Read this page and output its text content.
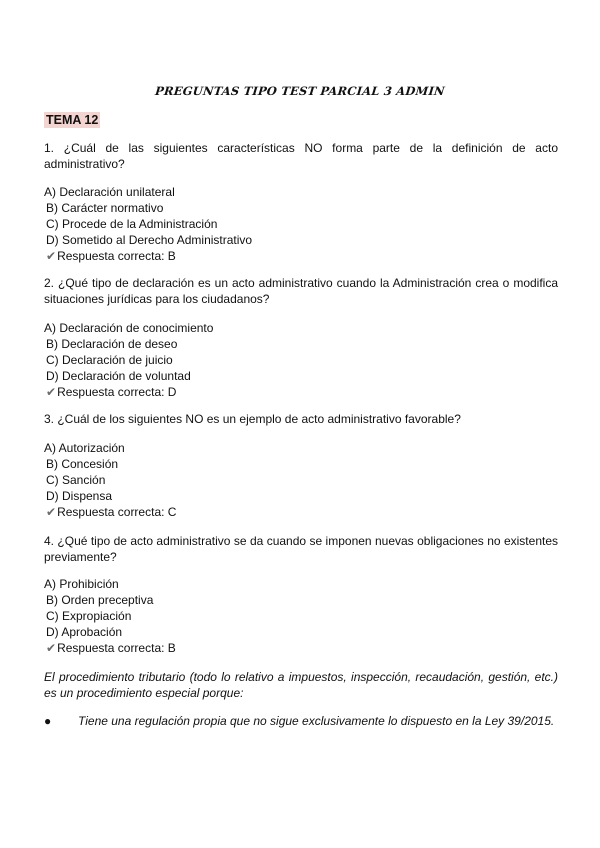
PREGUNTAS TIPO TEST PARCIAL 3 ADMIN
TEMA 12
1. ¿Cuál de las siguientes características NO forma parte de la definición de acto administrativo?
A) Declaración unilateral
B) Carácter normativo
C) Procede de la Administración
D) Sometido al Derecho Administrativo
✔Respuesta correcta: B
2. ¿Qué tipo de declaración es un acto administrativo cuando la Administración crea o modifica situaciones jurídicas para los ciudadanos?
A) Declaración de conocimiento
B) Declaración de deseo
C) Declaración de juicio
D) Declaración de voluntad
✔Respuesta correcta: D
3. ¿Cuál de los siguientes NO es un ejemplo de acto administrativo favorable?
A) Autorización
B) Concesión
C) Sanción
D) Dispensa
✔Respuesta correcta: C
4. ¿Qué tipo de acto administrativo se da cuando se imponen nuevas obligaciones no existentes previamente?
A) Prohibición
B) Orden preceptiva
C) Expropiación
D) Aprobación
✔Respuesta correcta: B
El procedimiento tributario (todo lo relativo a impuestos, inspección, recaudación, gestión, etc.) es un procedimiento especial porque:
● Tiene una regulación propia que no sigue exclusivamente lo dispuesto en la Ley 39/2015.
